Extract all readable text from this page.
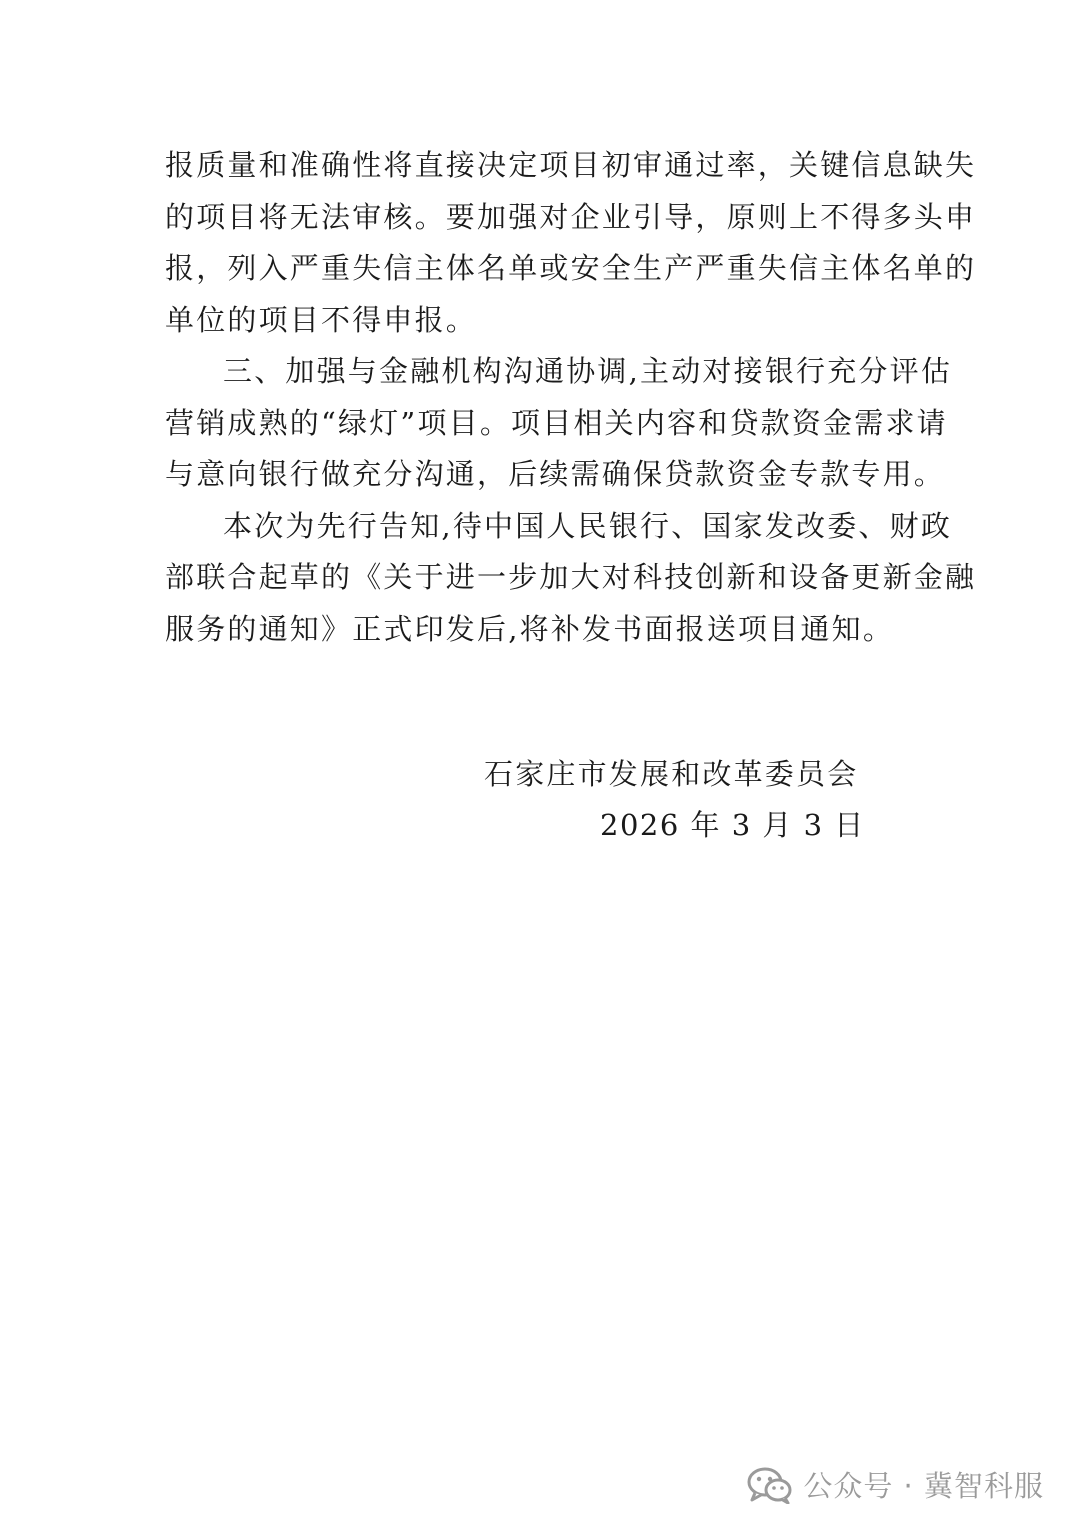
报质量和准确性将直接决定项目初审通过率，关键信息缺失
的项目将无法审核。要加强对企业引导，原则上不得多头申
报，列入严重失信主体名单或安全生产严重失信主体名单的
单位的项目不得申报。
三、加强与金融机构沟通协调,主动对接银行充分评估
营销成熟的“绿灯”项目。项目相关内容和贷款资金需求请
与意向银行做充分沟通，后续需确保贷款资金专款专用。
本次为先行告知,待中国人民银行、国家发改委、财政
部联合起草的《关于进一步加大对科技创新和设备更新金融
服务的通知》正式印发后,将补发书面报送项目通知。
石家庄市发展和改革委员会
2026 年 3 月 3 日
公众号 · 冀智科服
